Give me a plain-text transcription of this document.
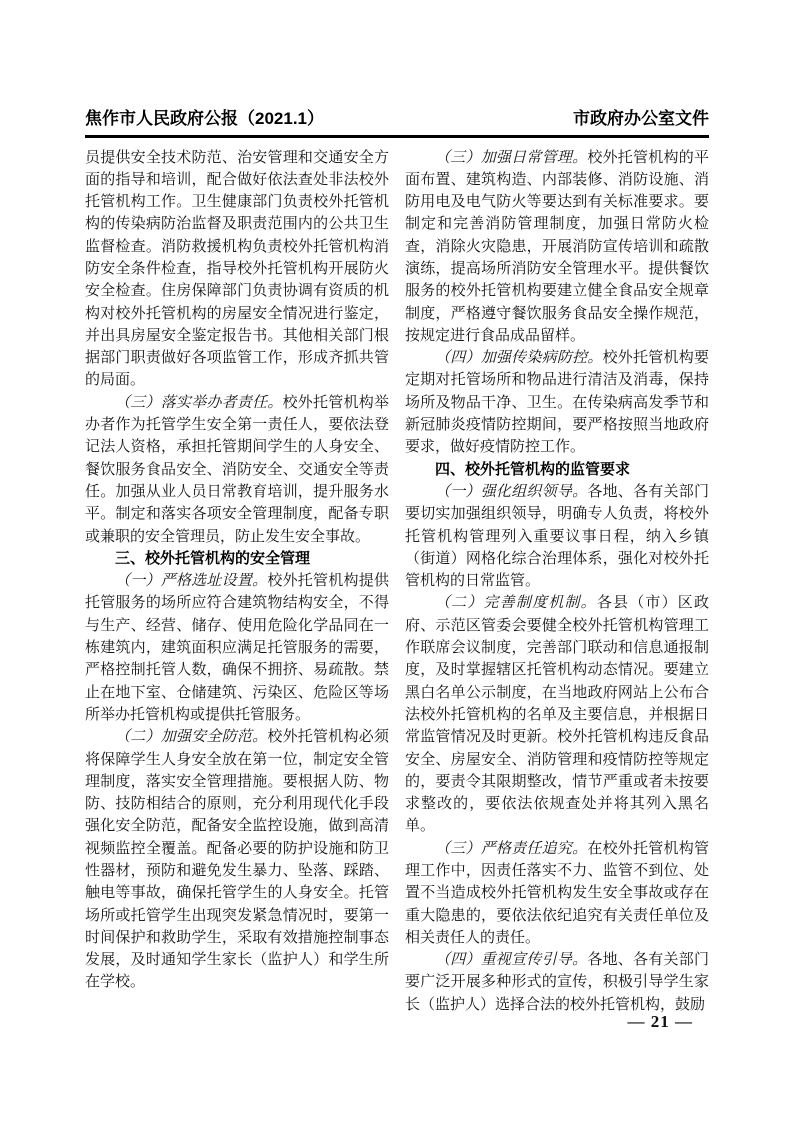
焦作市人民政府公报（2021.1）	市政府办公室文件

员提供安全技术防范、治安管理和交通安全方面的指导和培训，配合做好依法查处非法校外托管机构工作。卫生健康部门负责校外托管机构的传染病防治监督及职责范围内的公共卫生监督检查。消防救援机构负责校外托管机构消防安全条件检查，指导校外托管机构开展防火安全检查。住房保障部门负责协调有资质的机构对校外托管机构的房屋安全情况进行鉴定，并出具房屋安全鉴定报告书。其他相关部门根据部门职责做好各项监管工作，形成齐抓共管的局面。

（三）落实举办者责任。校外托管机构举办者作为托管学生安全第一责任人，要依法登记法人资格，承担托管期间学生的人身安全、餐饮服务食品安全、消防安全、交通安全等责任。加强从业人员日常教育培训，提升服务水平。制定和落实各项安全管理制度，配备专职或兼职的安全管理员，防止发生安全事故。

三、校外托管机构的安全管理

（一）严格选址设置。校外托管机构提供托管服务的场所应符合建筑物结构安全，不得与生产、经营、储存、使用危险化学品同在一栋建筑内，建筑面积应满足托管服务的需要，严格控制托管人数，确保不拥挤、易疏散。禁止在地下室、仓储建筑、污染区、危险区等场所举办托管机构或提供托管服务。

（二）加强安全防范。校外托管机构必须将保障学生人身安全放在第一位，制定安全管理制度，落实安全管理措施。要根据人防、物防、技防相结合的原则，充分利用现代化手段强化安全防范，配备安全监控设施，做到高清视频监控全覆盖。配备必要的防护设施和防卫性器材，预防和避免发生暴力、坠落、踩踏、触电等事故，确保托管学生的人身安全。托管场所或托管学生出现突发紧急情况时，要第一时间保护和救助学生，采取有效措施控制事态发展，及时通知学生家长（监护人）和学生所在学校。

（三）加强日常管理。校外托管机构的平面布置、建筑构造、内部装修、消防设施、消防用电及电气防火等要达到有关标准要求。要制定和完善消防管理制度，加强日常防火检查，消除火灾隐患，开展消防宣传培训和疏散演练，提高场所消防安全管理水平。提供餐饮服务的校外托管机构要建立健全食品安全规章制度，严格遵守餐饮服务食品安全操作规范，按规定进行食品成品留样。

（四）加强传染病防控。校外托管机构要定期对托管场所和物品进行清洁及消毒，保持场所及物品干净、卫生。在传染病高发季节和新冠肺炎疫情防控期间，要严格按照当地政府要求，做好疫情防控工作。

四、校外托管机构的监管要求

（一）强化组织领导。各地、各有关部门要切实加强组织领导，明确专人负责，将校外托管机构管理列入重要议事日程，纳入乡镇（街道）网格化综合治理体系，强化对校外托管机构的日常监管。

（二）完善制度机制。各县（市）区政府、示范区管委会要健全校外托管机构管理工作联席会议制度，完善部门联动和信息通报制度，及时掌握辖区托管机构动态情况。要建立黑白名单公示制度，在当地政府网站上公布合法校外托管机构的名单及主要信息，并根据日常监管情况及时更新。校外托管机构违反食品安全、房屋安全、消防管理和疫情防控等规定的，要责令其限期整改，情节严重或者未按要求整改的，要依法依规查处并将其列入黑名单。

（三）严格责任追究。在校外托管机构管理工作中，因责任落实不力、监管不到位、处置不当造成校外托管机构发生安全事故或存在重大隐患的，要依法依纪追究有关责任单位及相关责任人的责任。

（四）重视宣传引导。各地、各有关部门要广泛开展多种形式的宣传，积极引导学生家长（监护人）选择合法的校外托管机构，鼓励

— 21 —
